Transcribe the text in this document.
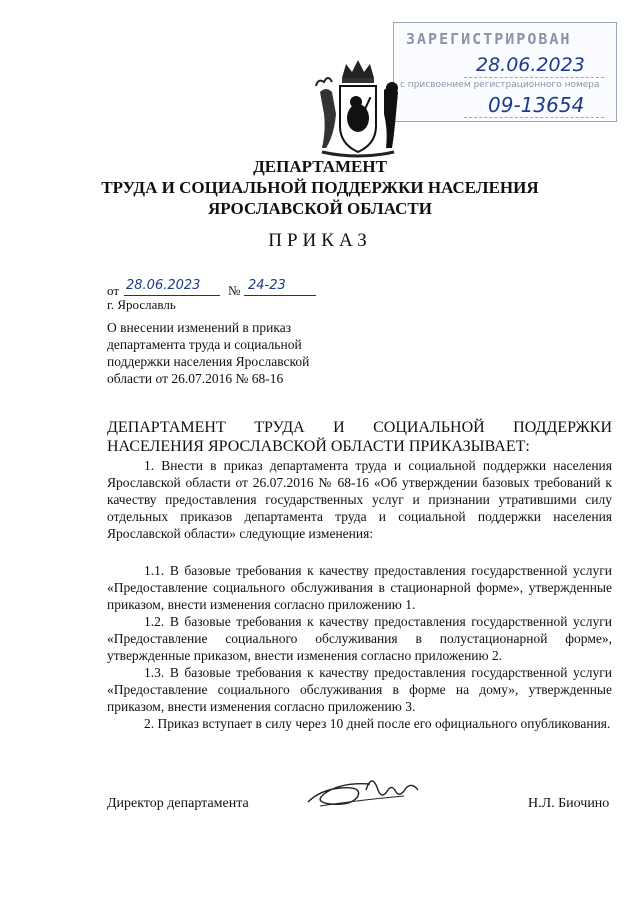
ЗАРЕГИСТРИРОВАН
28.06.2023
с присвоением регистрационного номера
09-13654
ДЕПАРТАМЕНТ
ТРУДА И СОЦИАЛЬНОЙ ПОДДЕРЖКИ НАСЕЛЕНИЯ
ЯРОСЛАВСКОЙ ОБЛАСТИ
ПРИКАЗ
от 28.06.2023 № 24-23
г. Ярославль
О внесении изменений в приказ
департамента труда и социальной
поддержки населения Ярославской
области от 26.07.2016 № 68-16
ДЕПАРТАМЕНТ ТРУДА И СОЦИАЛЬНОЙ ПОДДЕРЖКИ НАСЕЛЕНИЯ ЯРОСЛАВСКОЙ ОБЛАСТИ ПРИКАЗЫВАЕТ:
1. Внести в приказ департамента труда и социальной поддержки населения Ярославской области от 26.07.2016 № 68-16 «Об утверждении базовых требований к качеству предоставления государственных услуг и признании утратившими силу отдельных приказов департамента труда и социальной поддержки населения Ярославской области» следующие изменения:
1.1. В базовые требования к качеству предоставления государственной услуги «Предоставление социального обслуживания в стационарной форме», утвержденные приказом, внести изменения согласно приложению 1.
1.2. В базовые требования к качеству предоставления государственной услуги «Предоставление социального обслуживания в полустационарной форме», утвержденные приказом, внести изменения согласно приложению 2.
1.3. В базовые требования к качеству предоставления государственной услуги «Предоставление социального обслуживания в форме на дому», утвержденные приказом, внести изменения согласно приложению 3.
2. Приказ вступает в силу через 10 дней после его официального опубликования.
Директор департамента	Н.Л. Биочино
